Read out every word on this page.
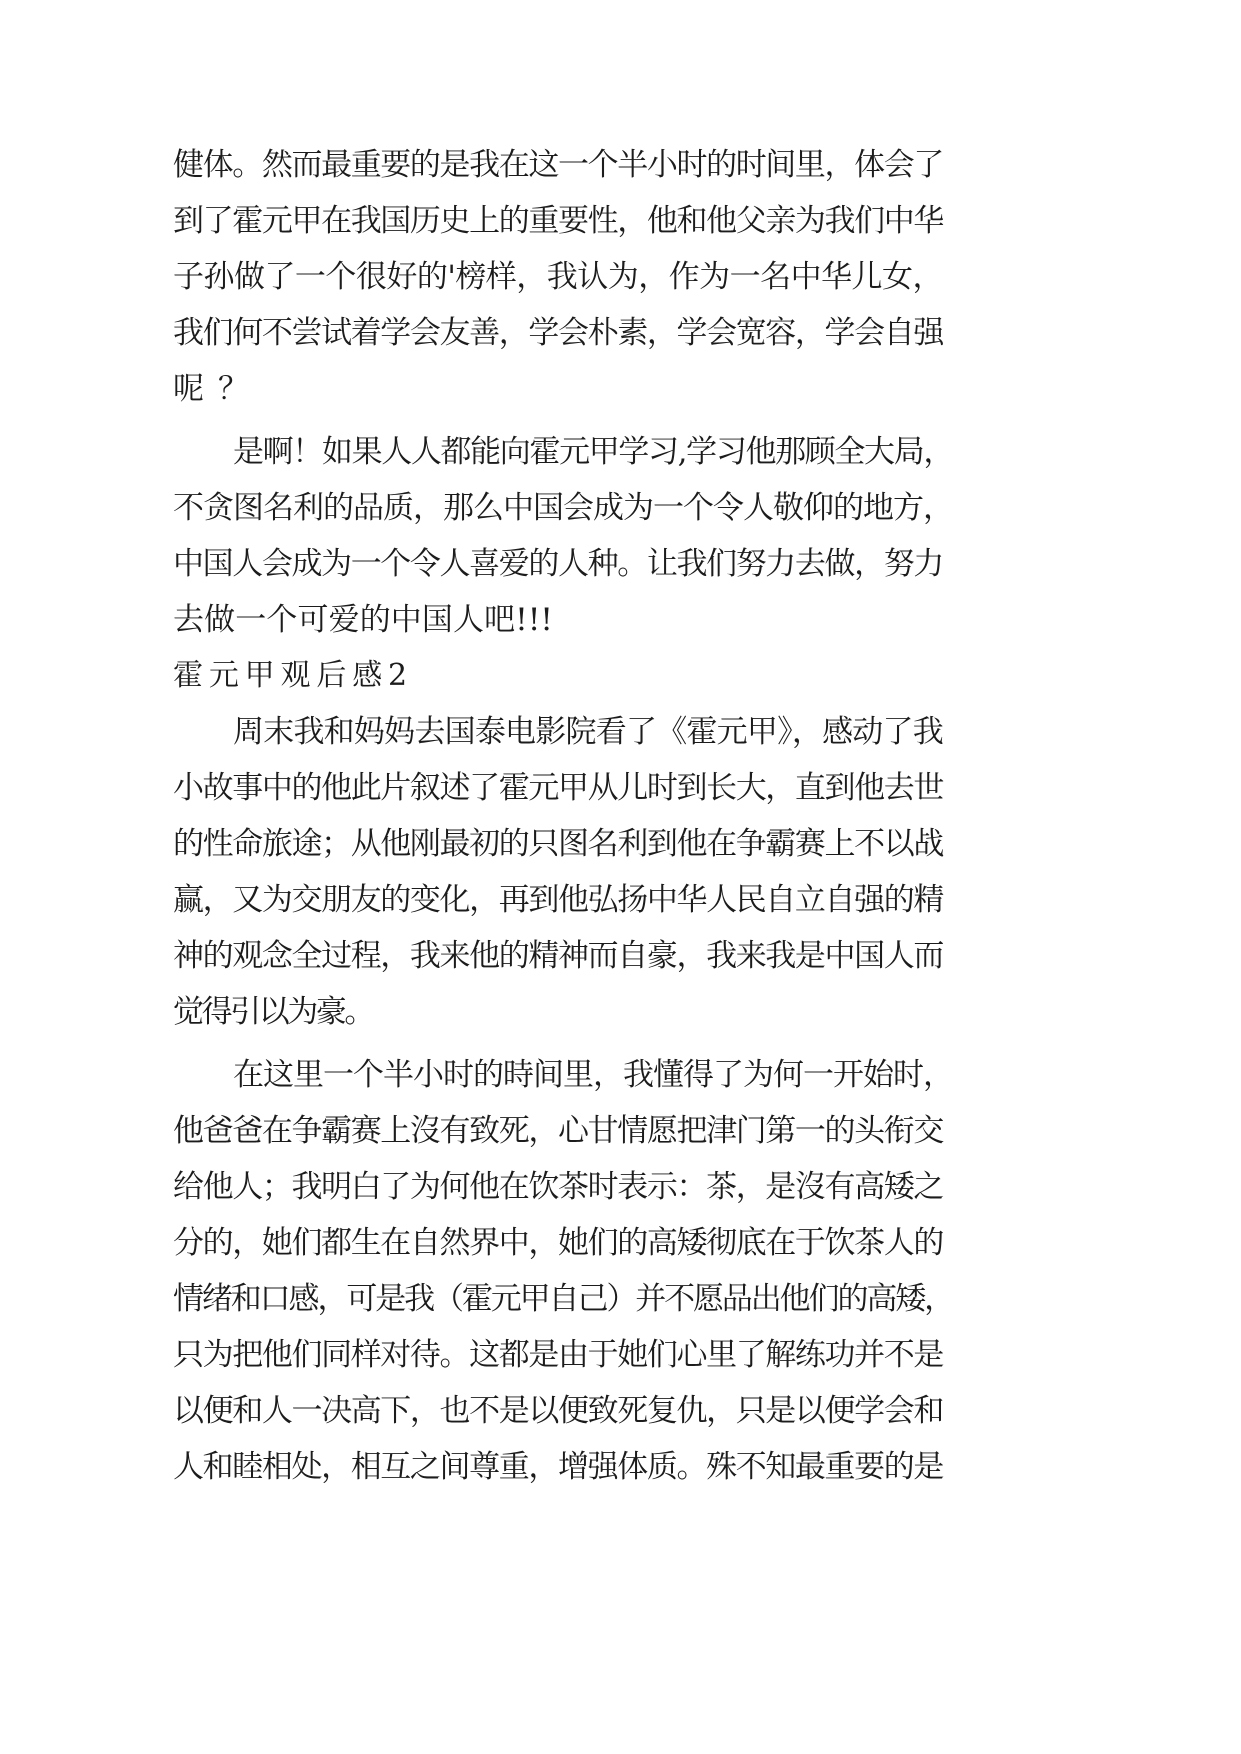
健体。然而最重要的是我在这一个半小时的时间里，体会了
到了霍元甲在我国历史上的重要性，他和他父亲为我们中华
子孙做了一个很好的'榜样，我认为，作为一名中华儿女，
我们何不尝试着学会友善，学会朴素，学会宽容，学会自强
呢？
是啊！如果人人都能向霍元甲学习,学习他那顾全大局，
不贪图名利的品质，那么中国会成为一个令人敬仰的地方，
中国人会成为一个令人喜爱的人种。让我们努力去做，努力
去做一个可爱的中国人吧!!!
霍元甲观后感2
周末我和妈妈去国泰电影院看了《霍元甲》，感动了我
小故事中的他此片叙述了霍元甲从儿时到长大，直到他去世
的性命旅途；从他刚最初的只图名利到他在争霸赛上不以战
赢，又为交朋友的变化，再到他弘扬中华人民自立自强的精
神的观念全过程，我来他的精神而自豪，我来我是中国人而
觉得引以为豪。
在这里一个半小时的時间里，我懂得了为何一开始时，
他爸爸在争霸赛上沒有致死，心甘情愿把津门第一的头衔交
给他人；我明白了为何他在饮茶时表示：茶，是沒有高矮之
分的，她们都生在自然界中，她们的高矮彻底在于饮茶人的
情绪和口感，可是我（霍元甲自己）并不愿品出他们的高矮，
只为把他们同样对待。这都是由于她们心里了解练功并不是
以便和人一决高下，也不是以便致死复仇，只是以便学会和
人和睦相处，相互之间尊重，增强体质。殊不知最重要的是
